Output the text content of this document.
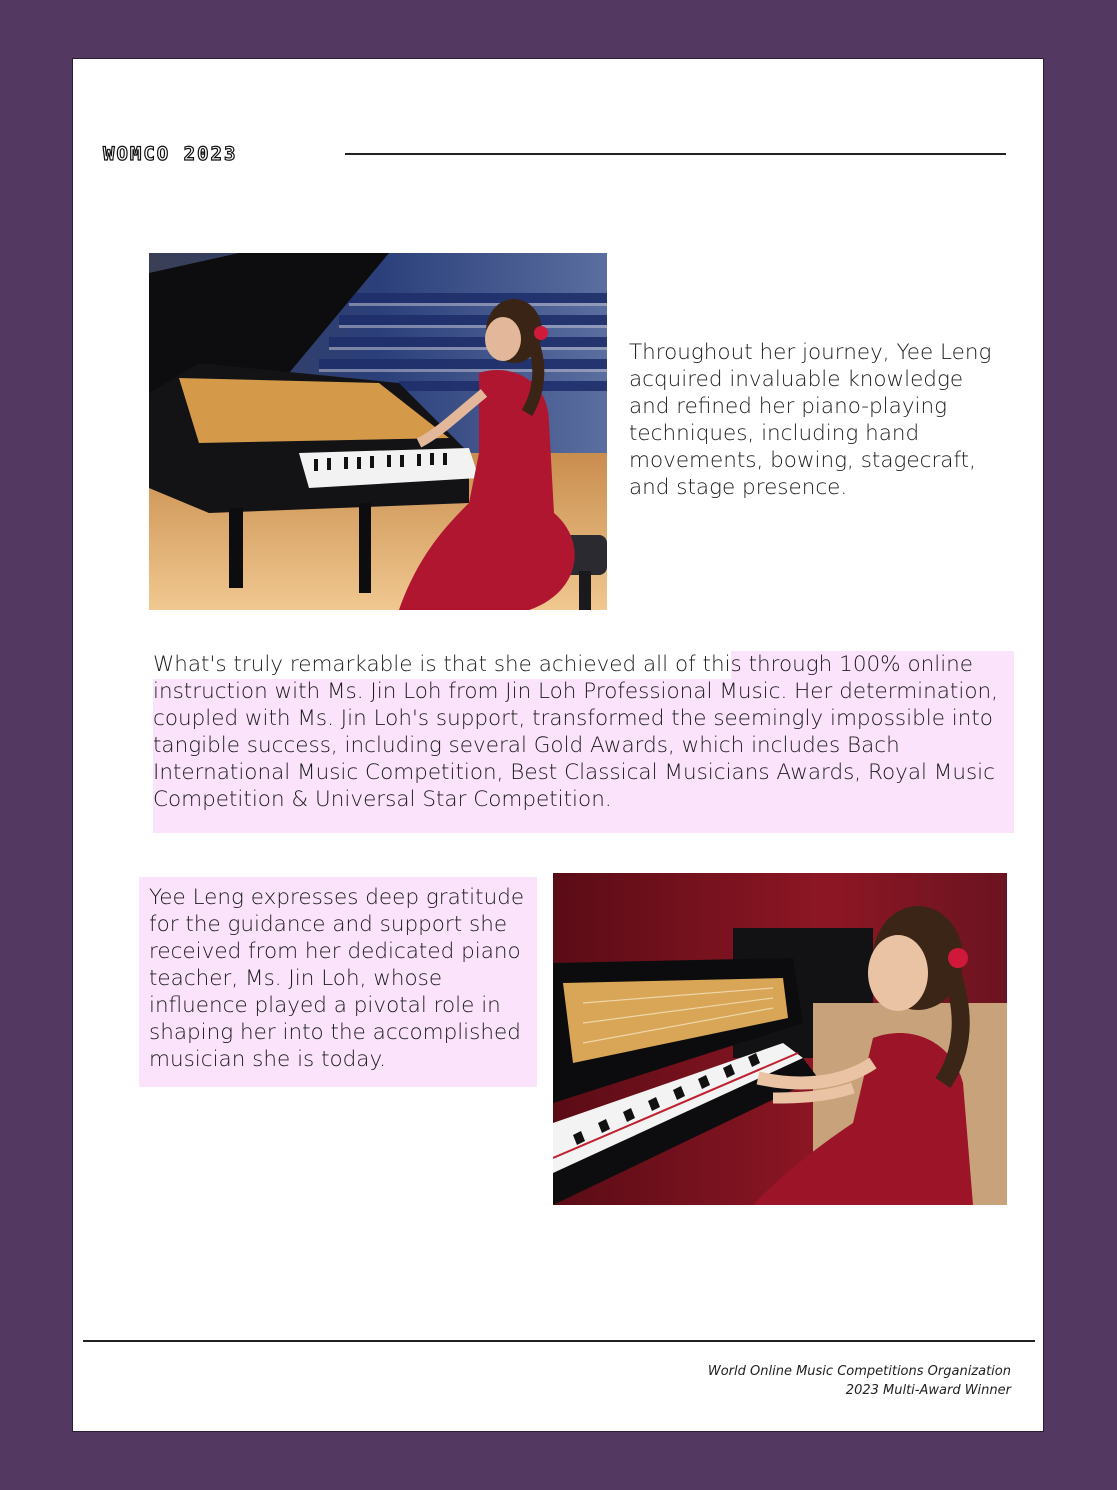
WOMCO 2023

Throughout her journey, Yee Leng acquired invaluable knowledge and refined her piano-playing techniques, including hand movements, bowing, stagecraft, and stage presence.

What's truly remarkable is that she achieved all of this through 100% online instruction with Ms. Jin Loh from Jin Loh Professional Music. Her determination, coupled with Ms. Jin Loh's support, transformed the seemingly impossible into tangible success, including several Gold Awards, which includes Bach International Music Competition, Best Classical Musicians Awards, Royal Music Competition & Universal Star Competition.

Yee Leng expresses deep gratitude for the guidance and support she received from her dedicated piano teacher, Ms. Jin Loh, whose influence played a pivotal role in shaping her into the accomplished musician she is today.

World Online Music Competitions Organization
2023 Multi-Award Winner
